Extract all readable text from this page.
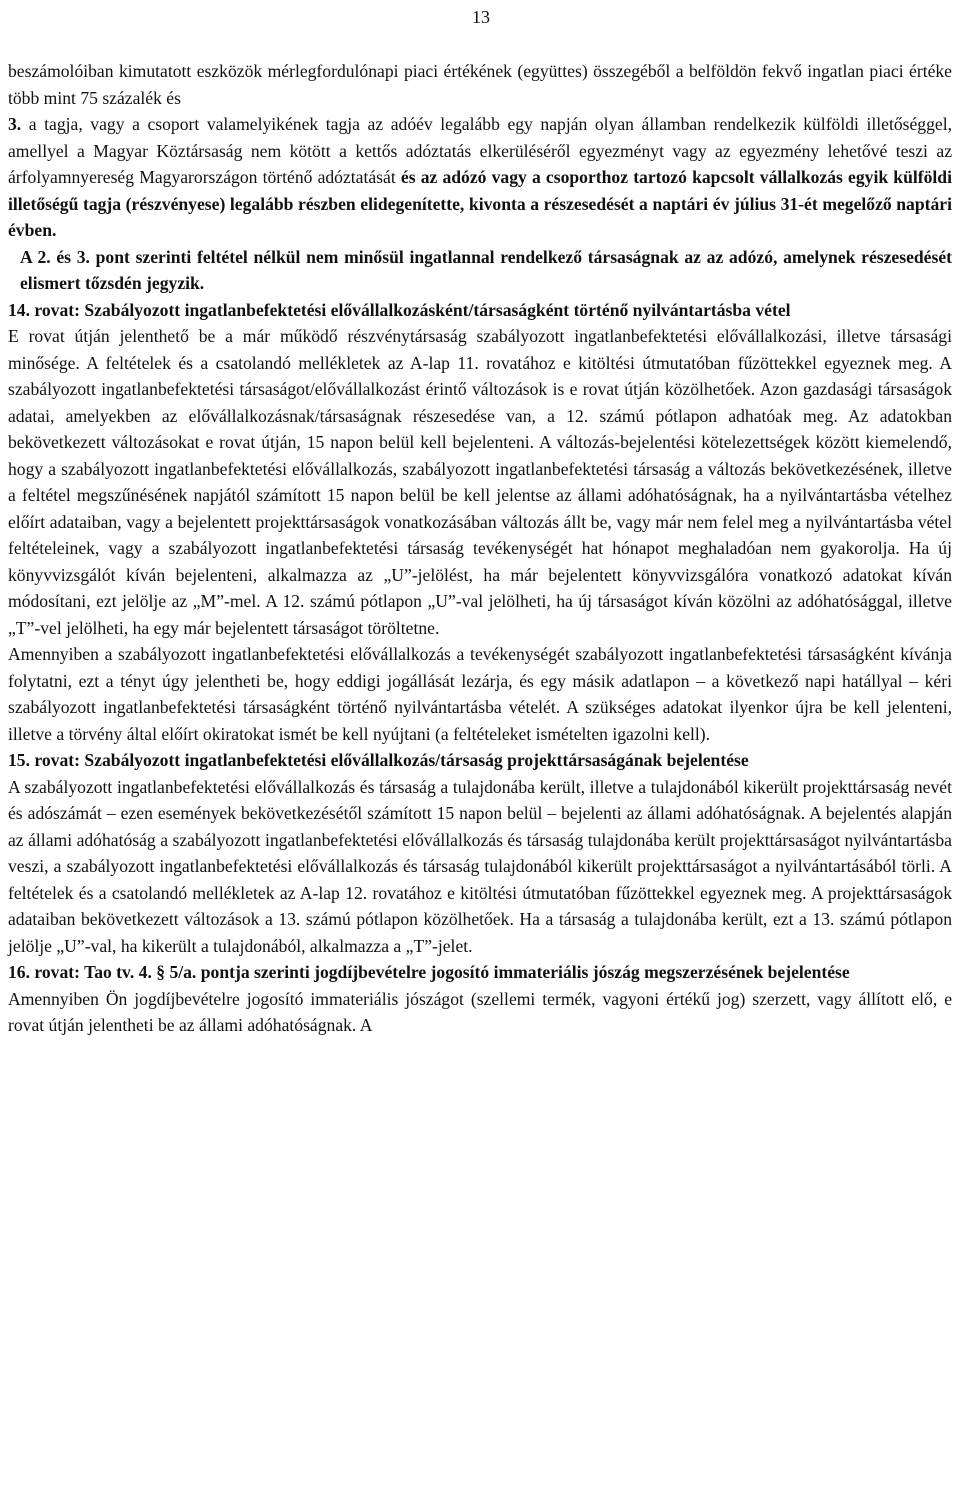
13

beszámolóiban kimutatott eszközök mérlegfordulónapi piaci értékének (együttes) összegéből a belföldön fekvő ingatlan piaci értéke több mint 75 százalék és

3. a tagja, vagy a csoport valamelyikének tagja az adóév legalább egy napján olyan államban rendelkezik külföldi illetőséggel, amellyel a Magyar Köztársaság nem kötött a kettős adóztatás elkerüléséről egyezményt vagy az egyezmény lehetővé teszi az árfolyamnyereség Magyarországon történő adóztatását és az adózó vagy a csoporthoz tartozó kapcsolt vállalkozás egyik külföldi illetőségű tagja (részvényese) legalább részben elidegenítette, kivonta a részesedését a naptári év július 31-ét megelőző naptári évben.

A 2. és 3. pont szerinti feltétel nélkül nem minősül ingatlannal rendelkező társaságnak az az adózó, amelynek részesedését elismert tőzsdén jegyzik.

14. rovat: Szabályozott ingatlanbefektetési elővállalkozásként/társaságként történő nyilvántartásba vétel

E rovat útján jelenthető be a már működő részvénytársaság szabályozott ingatlanbefektetési elővállalkozási, illetve társasági minősége. A feltételek és a csatolandó mellékletek az A-lap 11. rovatához e kitöltési útmutatóban fűzöttekkel egyeznek meg. A szabályozott ingatlanbefektetési társaságot/elővállalkozást érintő változások is e rovat útján közölhetőek. Azon gazdasági társaságok adatai, amelyekben az elővállalkozásnak/társaságnak részesedése van, a 12. számú pótlapon adhatóak meg. Az adatokban bekövetkezett változásokat e rovat útján, 15 napon belül kell bejelenteni. A változás-bejelentési kötelezettségek között kiemelendő, hogy a szabályozott ingatlanbefektetési elővállalkozás, szabályozott ingatlanbefektetési társaság a változás bekövetkezésének, illetve a feltétel megszűnésének napjától számított 15 napon belül be kell jelentse az állami adóhatóságnak, ha a nyilvántartásba vételhez előírt adataiban, vagy a bejelentett projekttársaságok vonatkozásában változás állt be, vagy már nem felel meg a nyilvántartásba vétel feltételeinek, vagy a szabályozott ingatlanbefektetési társaság tevékenységét hat hónapot meghaladóan nem gyakorolja. Ha új könyvvizsgálót kíván bejelenteni, alkalmazza az „U”-jelölést, ha már bejelentett könyvvizsgálóra vonatkozó adatokat kíván módosítani, ezt jelölje az „M”-mel. A 12. számú pótlapon „U”-val jelölheti, ha új társaságot kíván közölni az adóhatósággal, illetve „T”-vel jelölheti, ha egy már bejelentett társaságot töröltetne.

Amennyiben a szabályozott ingatlanbefektetési elővállalkozás a tevékenységét szabályozott ingatlanbefektetési társaságként kívánja folytatni, ezt a tényt úgy jelentheti be, hogy eddigi jogállását lezárja, és egy másik adatlapon – a következő napi hatállyal – kéri szabályozott ingatlanbefektetési társaságként történő nyilvántartásba vételét. A szükséges adatokat ilyenkor újra be kell jelenteni, illetve a törvény által előírt okiratokat ismét be kell nyújtani (a feltételeket ismételten igazolni kell).

15. rovat: Szabályozott ingatlanbefektetési elővállalkozás/társaság projekttársaságának bejelentése

A szabályozott ingatlanbefektetési elővállalkozás és társaság a tulajdonába került, illetve a tulajdonából kikerült projekttársaság nevét és adószámát – ezen események bekövetkezésétől számított 15 napon belül – bejelenti az állami adóhatóságnak. A bejelentés alapján az állami adóhatóság a szabályozott ingatlanbefektetési elővállalkozás és társaság tulajdonába került projekttársaságot nyilvántartásba veszi, a szabályozott ingatlanbefektetési elővállalkozás és társaság tulajdonából kikerült projekttársaságot a nyilvántartásából törli. A feltételek és a csatolandó mellékletek az A-lap 12. rovatához e kitöltési útmutatóban fűzöttekkel egyeznek meg. A projekttársaságok adataiban bekövetkezett változások a 13. számú pótlapon közölhetőek. Ha a társaság a tulajdonába került, ezt a 13. számú pótlapon jelölje „U”-val, ha kikerült a tulajdonából, alkalmazza a „T”-jelet.

16. rovat: Tao tv. 4. § 5/a. pontja szerinti jogdíjbevételre jogosító immateriális jószág megszerzésének bejelentése

Amennyiben Ön jogdíjbevételre jogosító immateriális jószágot (szellemi termék, vagyoni értékű jog) szerzett, vagy állított elő, e rovat útján jelentheti be az állami adóhatóságnak. A
